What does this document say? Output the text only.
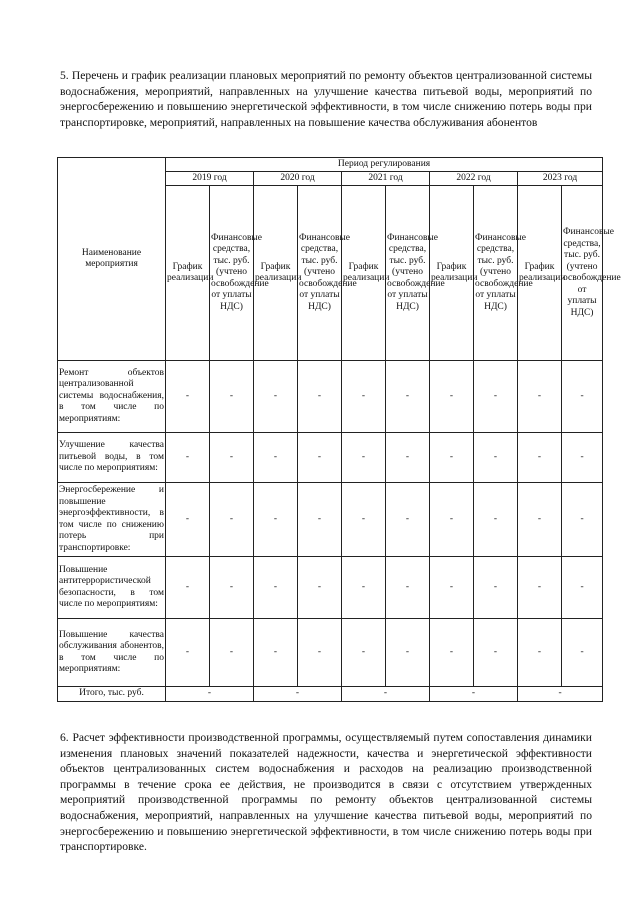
5. Перечень и график реализации плановых мероприятий по ремонту объектов централизованной системы водоснабжения, мероприятий, направленных на улучшение качества питьевой воды, мероприятий по энергосбережению и повышению энергетической эффективности, в том числе снижению потерь воды при транспортировке, мероприятий, направленных на повышение качества обслуживания абонентов

Наименование мероприятия	Период регулирования									
	2019 год		2020 год		2021 год		2022 год		2023 год	
	График реализации	Финансовые средства, тыс. руб. (учтено освобождение от уплаты НДС)	График реализации	Финансовые средства, тыс. руб. (учтено освобождение от уплаты НДС)	График реализации	Финансовые средства, тыс. руб. (учтено освобождение от уплаты НДС)	График реализации	Финансовые средства, тыс. руб. (учтено освобождение от уплаты НДС)	График реализации	Финансовые средства, тыс. руб. (учтено освобождение от уплаты НДС)
Ремонт объектов централизованной системы водоснабжения, в том числе по мероприятиям:	-	-	-	-	-	-	-	-	-	-
Улучшение качества питьевой воды, в том числе по мероприятиям:	-	-	-	-	-	-	-	-	-	-
Энергосбережение и повышение энергоэффективности, в том числе по снижению потерь при транспортировке:	-	-	-	-	-	-	-	-	-	-
Повышение антитеррористической безопасности, в том числе по мероприятиям:	-	-	-	-	-	-	-	-	-	-
Повышение качества обслуживания абонентов, в том числе по мероприятиям:	-	-	-	-	-	-	-	-	-	-
Итого, тыс. руб.	-		-		-		-		-	

6. Расчет эффективности производственной программы, осуществляемый путем сопоставления динамики изменения плановых значений показателей надежности, качества и энергетической эффективности объектов централизованных систем водоснабжения и расходов на реализацию производственной программы в течение срока ее действия, не производится в связи с отсутствием утвержденных мероприятий производственной программы по ремонту объектов централизованной системы водоснабжения, мероприятий, направленных на улучшение качества питьевой воды, мероприятий по энергосбережению и повышению энергетической эффективности, в том числе снижению потерь воды при транспортировке.
